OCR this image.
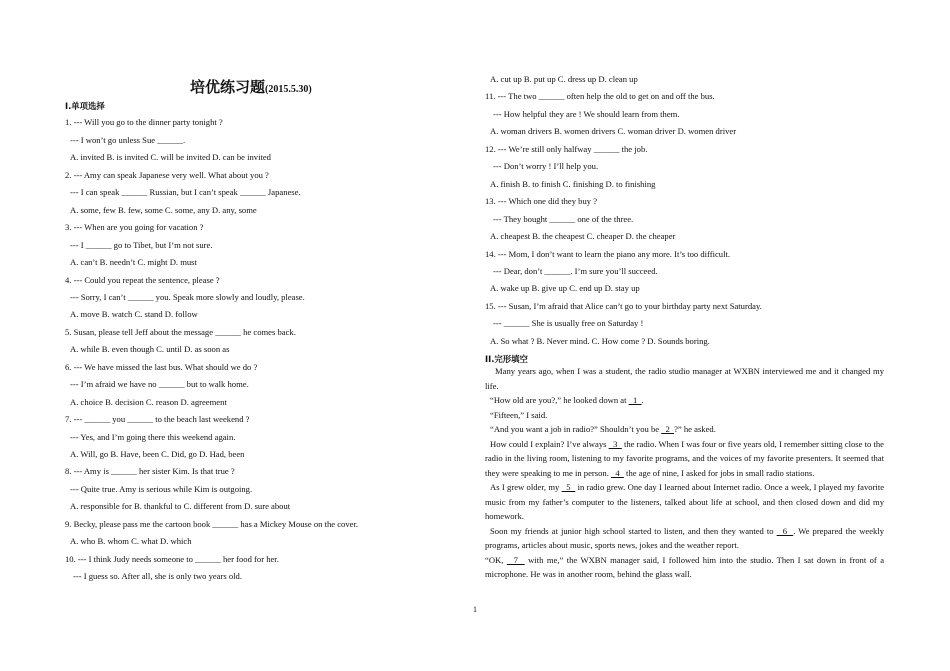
培优练习题(2015.5.30)
I.单项选择
1. --- Will you go to the dinner party tonight ?
--- I won’t go unless Sue ______.
A. invited B. is invited C. will be invited D. can be invited
2. --- Amy can speak Japanese very well. What about you ?
--- I can speak ______ Russian, but I can’t speak ______ Japanese.
A. some, few B. few, some C. some, any D. any, some
3. --- When are you going for vacation ?
--- I ______ go to Tibet, but I’m not sure.
A. can’t B. needn’t C. might D. must
4. --- Could you repeat the sentence, please ?
--- Sorry, I can’t ______ you. Speak more slowly and loudly, please.
A. move B. watch C. stand D. follow
5. Susan, please tell Jeff about the message ______ he comes back.
A. while B. even though C. until D. as soon as
6. --- We have missed the last bus. What should we do ?
--- I’m afraid we have no ______ but to walk home.
A. choice B. decision C. reason D. agreement
7. --- ______ you ______ to the beach last weekend ?
--- Yes, and I’m going there this weekend again.
A. Will, go B. Have, been C. Did, go D. Had, been
8. --- Amy is ______ her sister Kim. Is that true ?
--- Quite true. Amy is serious while Kim is outgoing.
A. responsible for B. thankful to C. different from D. sure about
9. Becky, please pass me the cartoon book ______ has a Mickey Mouse on the cover.
A. who B. whom C. what D. which
10. --- I think Judy needs someone to ______ her food for her.
--- I guess so. After all, she is only two years old.
A. cut up B. put up C. dress up D. clean up
11. --- The two ______ often help the old to get on and off the bus.
--- How helpful they are ! We should learn from them.
A. woman drivers B. women drivers C. woman driver D. women driver
12. --- We’re still only halfway ______ the job.
--- Don’t worry ! I’ll help you.
A. finish B. to finish C. finishing D. to finishing
13. --- Which one did they buy ?
--- They bought ______ one of the three.
A. cheapest B. the cheapest C. cheaper D. the cheaper
14. --- Mom, I don’t want to learn the piano any more. It’s too difficult.
--- Dear, don’t ______. I’m sure you’ll succeed.
A. wake up B. give up C. end up D. stay up
15. --- Susan, I’m afraid that Alice can’t go to your birthday party next Saturday.
--- ______ She is usually free on Saturday !
A. So what ? B. Never mind. C. How come ? D. Sounds boring.
II.完形填空
Many years ago, when I was a student, the radio studio manager at WXBN interviewed me and it changed my life.
“How old are you?,” he looked down at   1  .
“Fifteen,” I said.
“And you want a job in radio?” Shouldn’t you be   2  ?” he asked.
How could I explain? I’ve always   3   the radio. When I was four or five years old, I remember sitting close to the radio in the living room, listening to my favorite programs, and the voices of my favorite presenters. It seemed that they were speaking to me in person.   4   the age of nine, I asked for jobs in small radio stations.
As I grew older, my   5   in radio grew. One day I learned about Internet radio. Once a week, I played my favorite music from my father’s computer to the listeners, talked about life at school, and then closed down and did my homework.
Soon my friends at junior high school started to listen, and then they wanted to   6  . We prepared the weekly programs, articles about music, sports news, jokes and the weather report.
“OK,   7   with me,” the WXBN manager said, I followed him into the studio. Then I sat down in front of a microphone. He was in another room, behind the glass wall.
1
